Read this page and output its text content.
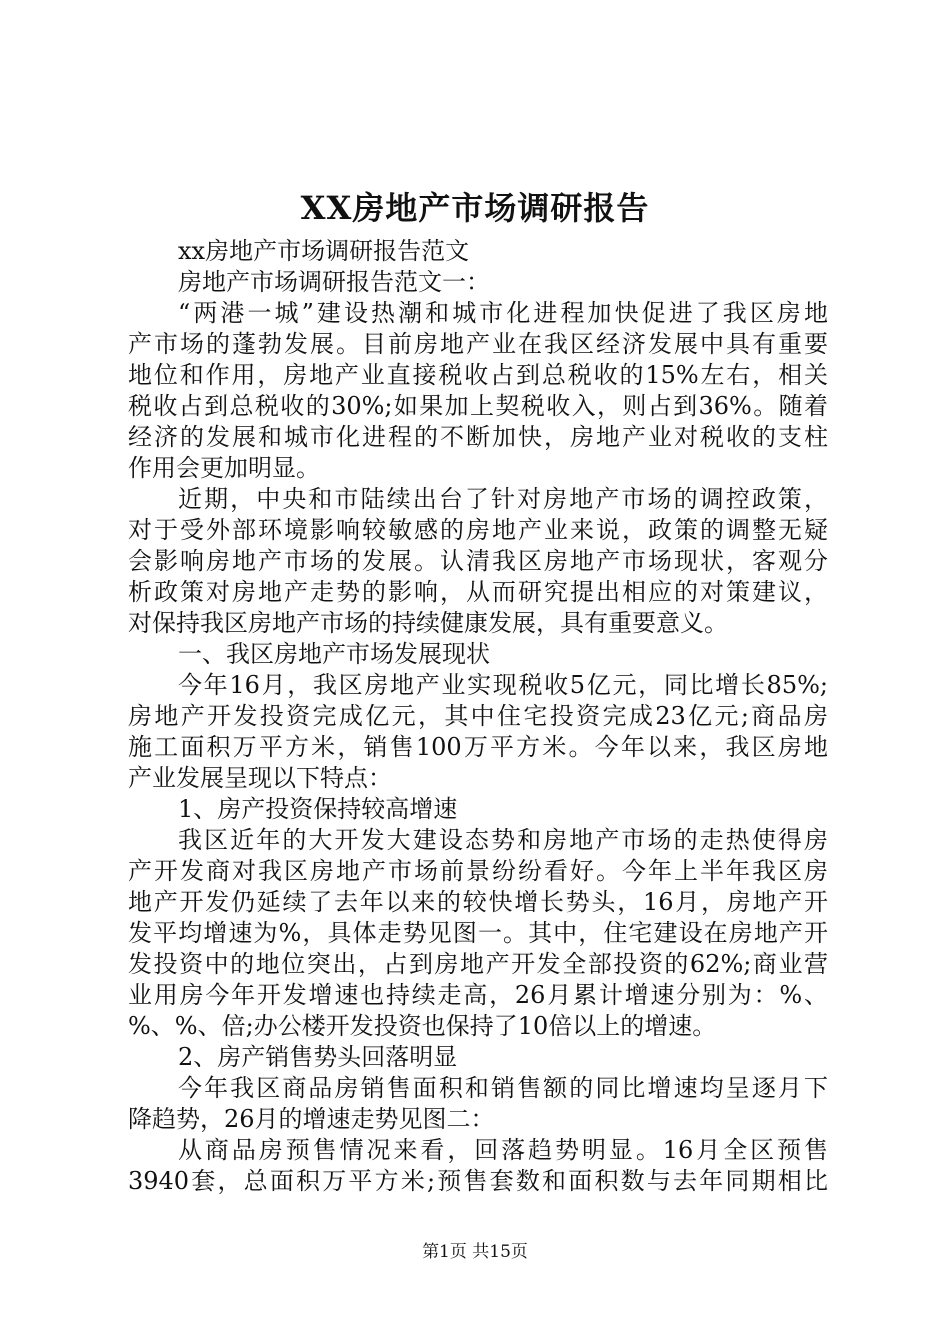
XX房地产市场调研报告
xx房地产市场调研报告范文
房地产市场调研报告范文一：
“两港一城”建设热潮和城市化进程加快促进了我区房地
产市场的蓬勃发展。目前房地产业在我区经济发展中具有重要
地位和作用，房地产业直接税收占到总税收的15%左右，相关
税收占到总税收的30%;如果加上契税收入，则占到36%。随着
经济的发展和城市化进程的不断加快，房地产业对税收的支柱
作用会更加明显。
近期，中央和市陆续出台了针对房地产市场的调控政策，
对于受外部环境影响较敏感的房地产业来说，政策的调整无疑
会影响房地产市场的发展。认清我区房地产市场现状，客观分
析政策对房地产走势的影响，从而研究提出相应的对策建议，
对保持我区房地产市场的持续健康发展，具有重要意义。
一、我区房地产市场发展现状
今年16月，我区房地产业实现税收5亿元，同比增长85%;
房地产开发投资完成亿元，其中住宅投资完成23亿元;商品房
施工面积万平方米，销售100万平方米。今年以来，我区房地
产业发展呈现以下特点：
1、房产投资保持较高增速
我区近年的大开发大建设态势和房地产市场的走热使得房
产开发商对我区房地产市场前景纷纷看好。今年上半年我区房
地产开发仍延续了去年以来的较快增长势头，16月，房地产开
发平均增速为%，具体走势见图一。其中，住宅建设在房地产开
发投资中的地位突出，占到房地产开发全部投资的62%;商业营
业用房今年开发增速也持续走高，26月累计增速分别为：%、
%、%、倍;办公楼开发投资也保持了10倍以上的增速。
2、房产销售势头回落明显
今年我区商品房销售面积和销售额的同比增速均呈逐月下
降趋势，26月的增速走势见图二：
从商品房预售情况来看，回落趋势明显。16月全区预售
3940套，总面积万平方米;预售套数和面积数与去年同期相比
第1页 共15页
